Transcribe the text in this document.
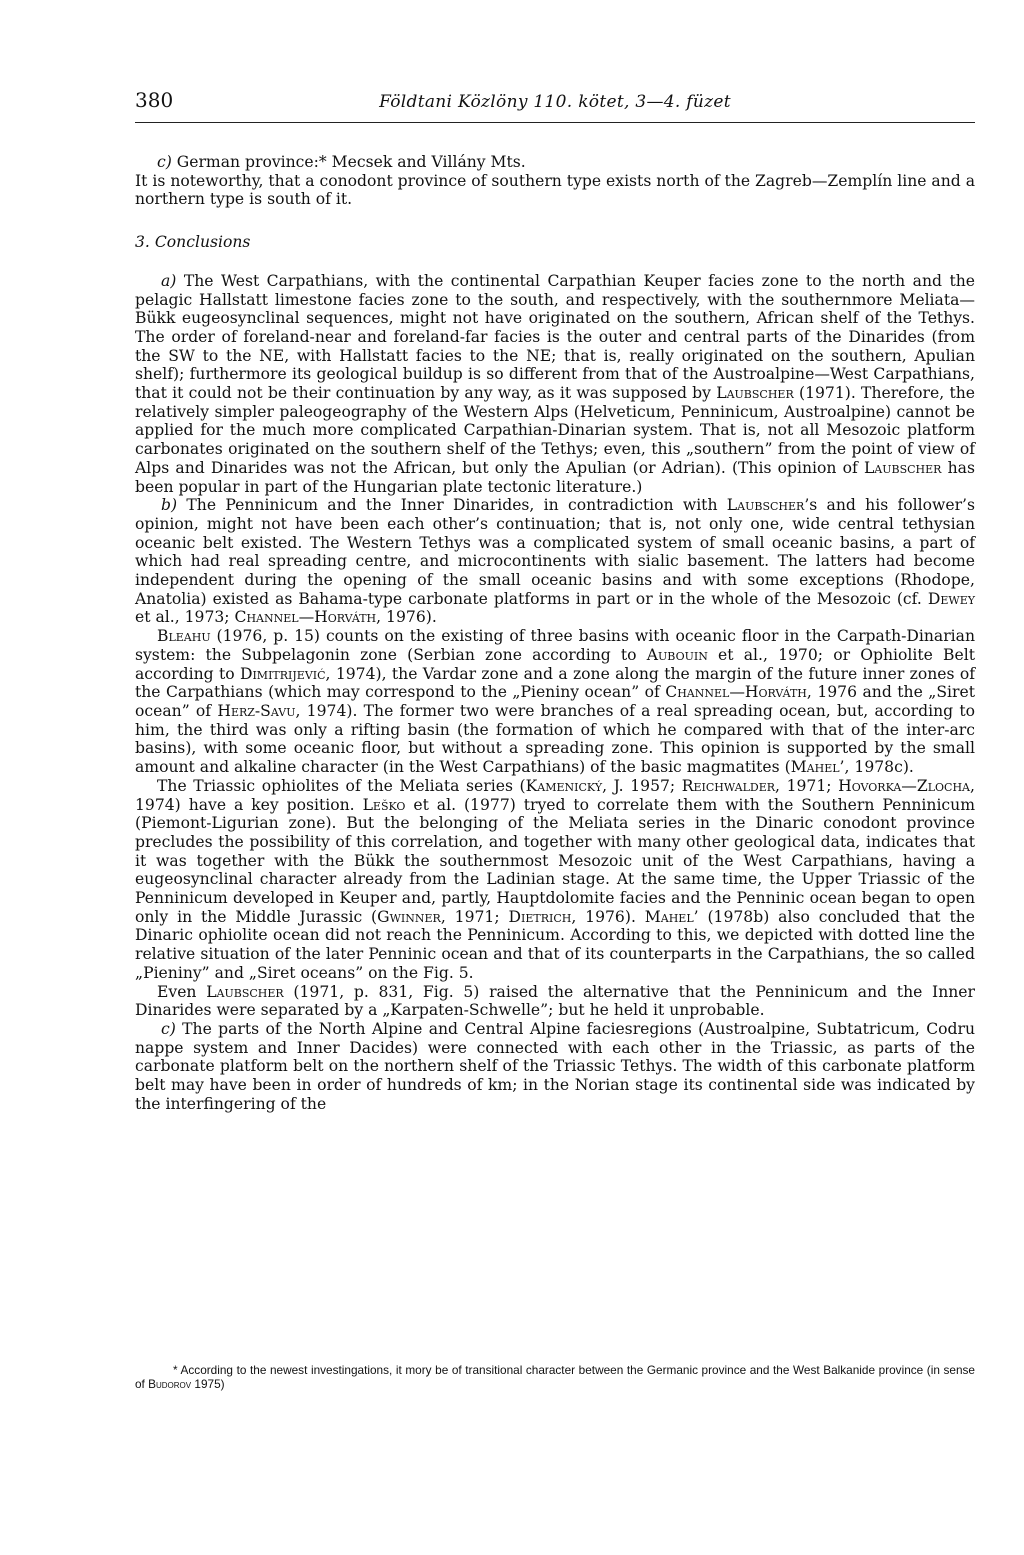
380	Földtani Közlöny 110. kötet, 3—4. füzet

c) German province:* Mecsek and Villány Mts.

It is noteworthy, that a conodont province of southern type exists north of the Zagreb—Zemplín line and a northern type is south of it.

3. Conclusions

a) The West Carpathians, with the continental Carpathian Keuper facies zone to the north and the pelagic Hallstatt limestone facies zone to the south, and respectively, with the southernmore Meliata—Bükk eugeosynclinal sequences, might not have originated on the southern, African shelf of the Tethys. The order of foreland-near and foreland-far facies is the outer and central parts of the Dinarides (from the SW to the NE, with Hallstatt facies to the NE; that is, really originated on the southern, Apulian shelf); furthermore its geological buildup is so different from that of the Austroalpine—West Carpathians, that it could not be their continuation by any way, as it was supposed by Laubscher (1971). Therefore, the relatively simpler paleogeography of the Western Alps (Helveticum, Penninicum, Austroalpine) cannot be applied for the much more complicated Carpathian-Dinarian system. That is, not all Mesozoic platform carbonates originated on the southern shelf of the Tethys; even, this „southern” from the point of view of Alps and Dinarides was not the African, but only the Apulian (or Adrian). (This opinion of Laubscher has been popular in part of the Hungarian plate tectonic literature.)

b) The Penninicum and the Inner Dinarides, in contradiction with Laubscher’s and his follower’s opinion, might not have been each other’s continuation; that is, not only one, wide central tethysian oceanic belt existed. The Western Tethys was a complicated system of small oceanic basins, a part of which had real spreading centre, and microcontinents with sialic basement. The latters had become independent during the opening of the small oceanic basins and with some exceptions (Rhodope, Anatolia) existed as Bahama-type carbonate platforms in part or in the whole of the Mesozoic (cf. Dewey et al., 1973; Channel—Horváth, 1976).

Bleahu (1976, p. 15) counts on the existing of three basins with oceanic floor in the Carpath-Dinarian system: the Subpelagonin zone (Serbian zone according to Aubouin et al., 1970; or Ophiolite Belt according to Dimitrijević, 1974), the Vardar zone and a zone along the margin of the future inner zones of the Carpathians (which may correspond to the „Pieniny ocean” of Channel—Horváth, 1976 and the „Siret ocean” of Herz-Savu, 1974). The former two were branches of a real spreading ocean, but, according to him, the third was only a rifting basin (the formation of which he compared with that of the inter-arc basins), with some oceanic floor, but without a spreading zone. This opinion is supported by the small amount and alkaline character (in the West Carpathians) of the basic magmatites (Mahel’, 1978c).

The Triassic ophiolites of the Meliata series (Kamenický, J. 1957; Reichwalder, 1971; Hovorka—Zlocha, 1974) have a key position. Leško et al. (1977) tryed to correlate them with the Southern Penninicum (Piemont-Ligurian zone). But the belonging of the Meliata series in the Dinaric conodont province precludes the possibility of this correlation, and together with many other geological data, indicates that it was together with the Bükk the southernmost Mesozoic unit of the West Carpathians, having a eugeosynclinal character already from the Ladinian stage. At the same time, the Upper Triassic of the Penninicum developed in Keuper and, partly, Hauptdolomite facies and the Penninic ocean began to open only in the Middle Jurassic (Gwinner, 1971; Dietrich, 1976). Mahel’ (1978b) also concluded that the Dinaric ophiolite ocean did not reach the Penninicum. According to this, we depicted with dotted line the relative situation of the later Penninic ocean and that of its counterparts in the Carpathians, the so called „Pieniny” and „Siret oceans” on the Fig. 5.

Even Laubscher (1971, p. 831, Fig. 5) raised the alternative that the Penninicum and the Inner Dinarides were separated by a „Karpaten-Schwelle”; but he held it unprobable.

c) The parts of the North Alpine and Central Alpine faciesregions (Austroalpine, Subtatricum, Codru nappe system and Inner Dacides) were connected with each other in the Triassic, as parts of the carbonate platform belt on the northern shelf of the Triassic Tethys. The width of this carbonate platform belt may have been in order of hundreds of km; in the Norian stage its continental side was indicated by the interfingering of the

* According to the newest investingations, it mory be of transitional character between the Germanic province and the West Balkanide province (in sense of Budorov 1975)
